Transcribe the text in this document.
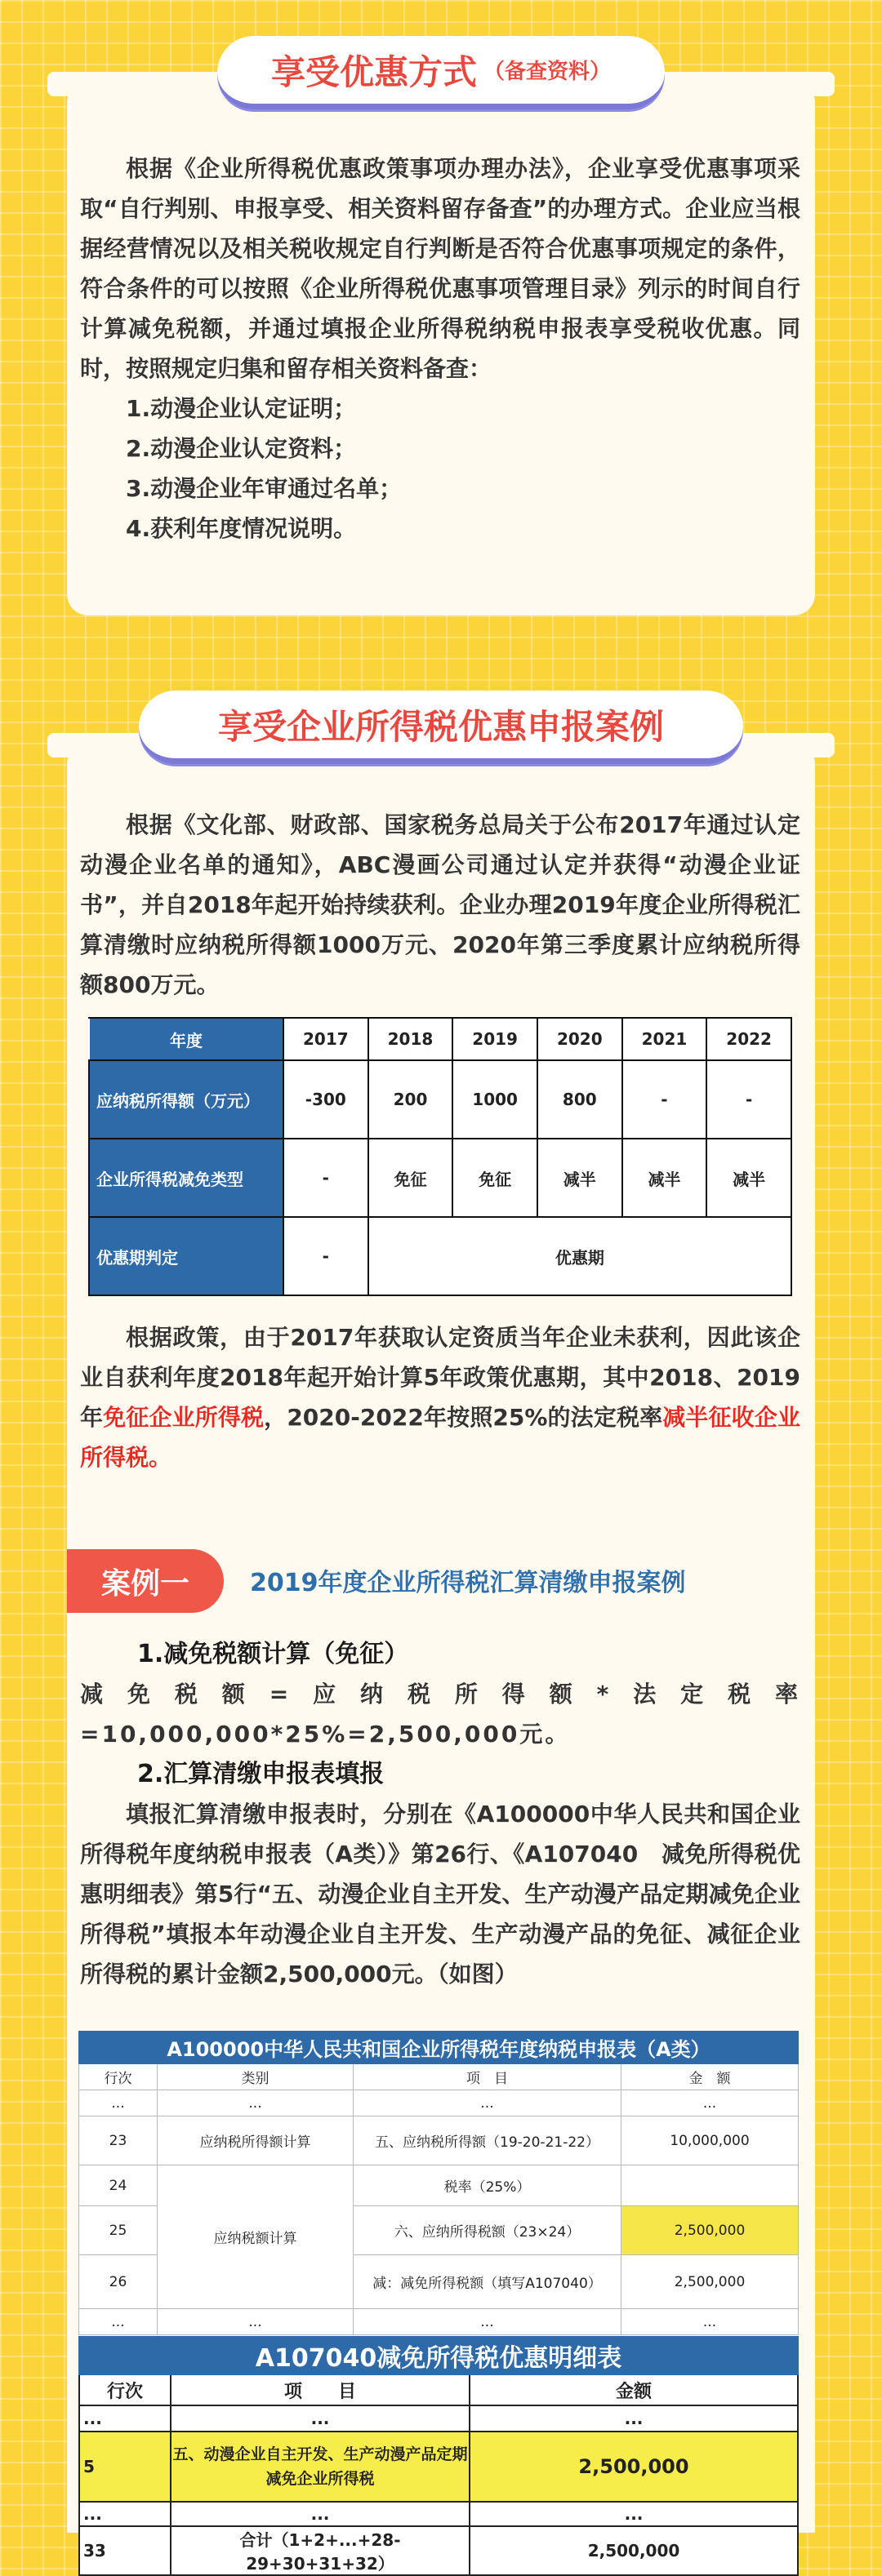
享受优惠方式 （备查资料）

根据《企业所得税优惠政策事项办理办法》，企业享受优惠事项采取“自行判别、申报享受、相关资料留存备查”的办理方式。企业应当根据经营情况以及相关税收规定自行判断是否符合优惠事项规定的条件，符合条件的可以按照《企业所得税优惠事项管理目录》列示的时间自行计算减免税额，并通过填报企业所得税纳税申报表享受税收优惠。同时，按照规定归集和留存相关资料备查：

1.动漫企业认定证明；
2.动漫企业认定资料；
3.动漫企业年审通过名单；
4.获利年度情况说明。
享受企业所得税优惠申报案例

根据《文化部、财政部、国家税务总局关于公布2017年通过认定动漫企业名单的通知》，ABC漫画公司通过认定并获得“动漫企业证书”，并自2018年起开始持续获利。企业办理2019年度企业所得税汇算清缴时应纳税所得额1000万元、2020年第三季度累计应纳税所得额800万元。

年度	2017	2018	2019	2020	2021	2022
应纳税所得额（万元）	-300	200	1000	800	-	-
企业所得税减免类型	-	免征	免征	减半	减半	减半
优惠期判定	-	优惠期				

根据政策，由于2017年获取认定资质当年企业未获利，因此该企业自获利年度2018年起开始计算5年政策优惠期，其中2018、2019年免征企业所得税，2020-2022年按照25%的法定税率减半征收企业所得税。

案例一	2019年度企业所得税汇算清缴申报案例
1.减免税额计算（免征）

减免税额=应纳税所得额*法定税率=10,000,000*25%=2,500,000元。

2.汇算清缴申报表填报

填报汇算清缴申报表时，分别在《A100000中华人民共和国企业所得税年度纳税申报表（A类）》第26行、《A107040　减免所得税优惠明细表》第5行“五、动漫企业自主开发、生产动漫产品定期减免企业所得税”填报本年动漫企业自主开发、生产动漫产品的免征、减征企业所得税的累计金额2,500,000元。（如图）

A100000中华人民共和国企业所得税年度纳税申报表（A类）			
行次	类别	项　目	金　额
...	...	...	...
23	应纳税所得额计算	五、应纳税所得额（19-20-21-22）	10,000,000
24	应纳税额计算	税率（25%）	
25		六、应纳所得税额（23×24）	2,500,000
26		减：减免所得税额（填写A107040）	2,500,000
...	...	...	...
A107040减免所得税优惠明细表		
行次	项　　目	金额
...	...	...
5	五、动漫企业自主开发、生产动漫产品定期减免企业所得税	2,500,000
...	...	...
33	合计（1+2+...+28-29+30+31+32）	2,500,000
